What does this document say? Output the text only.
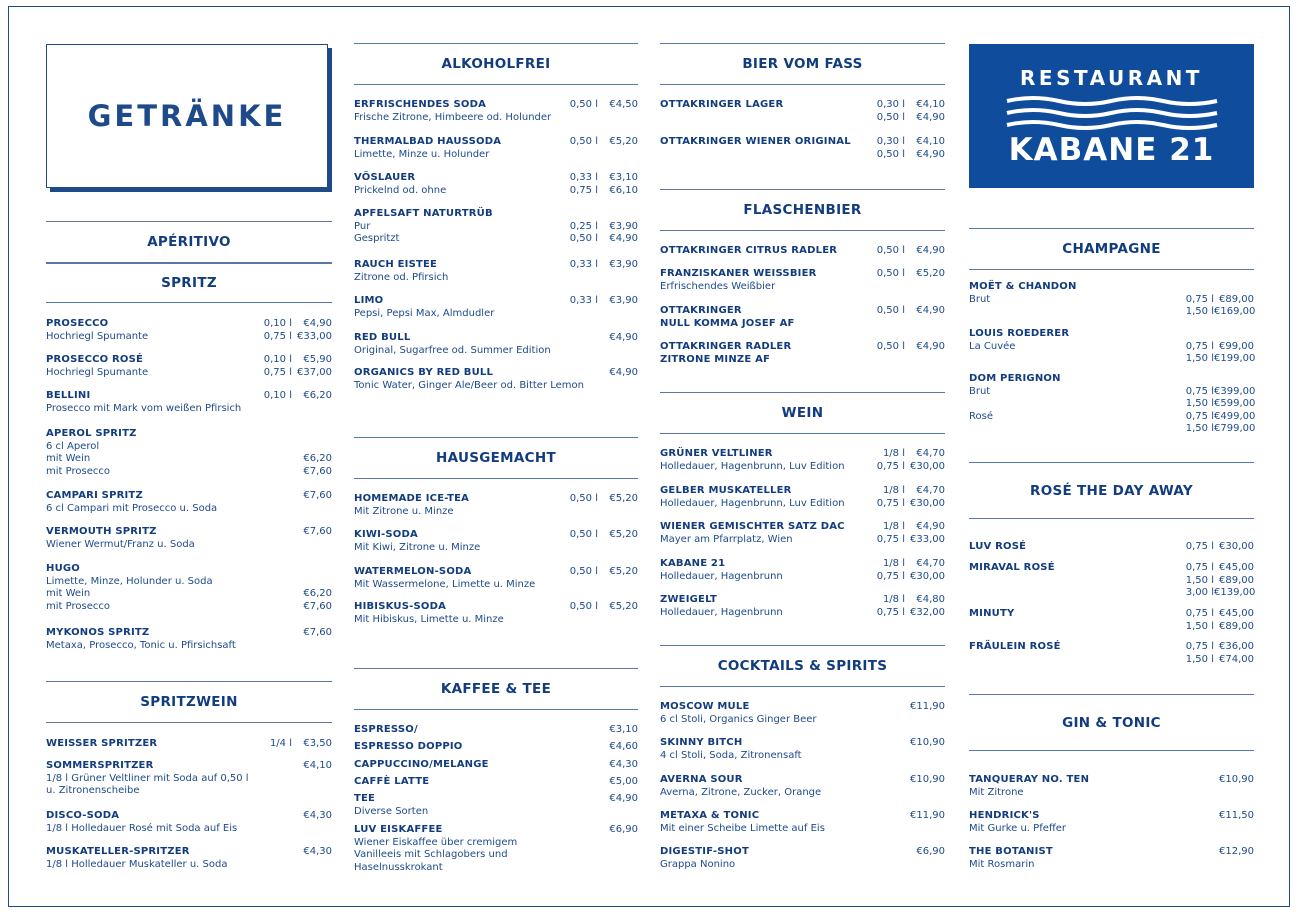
GETRÄNKE
RESTAURANT
KABANE 21
APÉRITIVO
SPRITZ
PROSECCO	0,10 l	€4,90
Hochriegl Spumante	0,75 l €33,00
PROSECCO ROSÉ	0,10 l	€5,90
Hochriegl Spumante	0,75 l €37,00
BELLINI	0,10 l	€6,20
Prosecco mit Mark vom weißen Pfirsich
APEROL SPRITZ
6 cl Aperol
mit Wein	€6,20
mit Prosecco	€7,60
CAMPARI SPRITZ	€7,60
6 cl Campari mit Prosecco u. Soda
VERMOUTH SPRITZ	€7,60
Wiener Wermut/Franz u. Soda
HUGO
Limette, Minze, Holunder u. Soda
mit Wein	€6,20
mit Prosecco	€7,60
MYKONOS SPRITZ	€7,60
Metaxa, Prosecco, Tonic u. Pfirsichsaft
SPRITZWEIN
WEISSER SPRITZER	1/4 l	€3,50
SOMMERSPRITZER	€4,10
1/8 l Grüner Veltliner mit Soda auf 0,50 l
u. Zitronenscheibe
DISCO-SODA	€4,30
1/8 l Holledauer Rosé mit Soda auf Eis
MUSKATELLER-SPRITZER	€4,30
1/8 l Holledauer Muskateller u. Soda
ALKOHOLFREI
ERFRISCHENDES SODA	0,50 l	€4,50
Frische Zitrone, Himbeere od. Holunder
THERMALBAD HAUSSODA	0,50 l	€5,20
Limette, Minze u. Holunder
VÖSLAUER	0,33 l	€3,10
Prickelnd od. ohne	0,75 l	€6,10
APFELSAFT NATURTRÜB
Pur	0,25 l	€3,90
Gespritzt	0,50 l	€4,90
RAUCH EISTEE	0,33 l	€3,90
Zitrone od. Pfirsich
LIMO	0,33 l	€3,90
Pepsi, Pepsi Max, Almdudler
RED BULL	€4,90
Original, Sugarfree od. Summer Edition
ORGANICS BY RED BULL	€4,90
Tonic Water, Ginger Ale/Beer od. Bitter Lemon
HAUSGEMACHT
HOMEMADE ICE-TEA	0,50 l	€5,20
Mit Zitrone u. Minze
KIWI-SODA	0,50 l	€5,20
Mit Kiwi, Zitrone u. Minze
WATERMELON-SODA	0,50 l	€5,20
Mit Wassermelone, Limette u. Minze
HIBISKUS-SODA	0,50 l	€5,20
Mit Hibiskus, Limette u. Minze
KAFFEE & TEE
ESPRESSO/	€3,10
ESPRESSO DOPPIO	€4,60
CAPPUCCINO/MELANGE	€4,30
CAFFÈ LATTE	€5,00
TEE	€4,90
Diverse Sorten
LUV EISKAFFEE	€6,90
Wiener Eiskaffee über cremigem
Vanilleeis mit Schlagobers und
Haselnusskrokant
BIER VOM FASS
OTTAKRINGER LAGER	0,30 l	€4,10
0,50 l	€4,90
OTTAKRINGER WIENER ORIGINAL	0,30 l	€4,10
0,50 l	€4,90
FLASCHENBIER
OTTAKRINGER CITRUS RADLER	0,50 l	€4,90
FRANZISKANER WEISSBIER	0,50 l	€5,20
Erfrischendes Weißbier
OTTAKRINGER	0,50 l	€4,90
NULL KOMMA JOSEF AF
OTTAKRINGER RADLER	0,50 l	€4,90
ZITRONE MINZE AF
WEIN
GRÜNER VELTLINER	1/8 l	€4,70
Holledauer, Hagenbrunn, Luv Edition	0,75 l €30,00
GELBER MUSKATELLER	1/8 l	€4,70
Holledauer, Hagenbrunn, Luv Edition	0,75 l €30,00
WIENER GEMISCHTER SATZ DAC	1/8 l	€4,90
Mayer am Pfarrplatz, Wien	0,75 l €33,00
KABANE 21	1/8 l	€4,70
Holledauer, Hagenbrunn	0,75 l €30,00
ZWEIGELT	1/8 l	€4,80
Holledauer, Hagenbrunn	0,75 l €32,00
COCKTAILS & SPIRITS
MOSCOW MULE	€11,90
6 cl Stoli, Organics Ginger Beer
SKINNY BITCH	€10,90
4 cl Stoli, Soda, Zitronensaft
AVERNA SOUR	€10,90
Averna, Zitrone, Zucker, Orange
METAXA & TONIC	€11,90
Mit einer Scheibe Limette auf Eis
DIGESTIF-SHOT	€6,90
Grappa Nonino
CHAMPAGNE
MOËT & CHANDON
Brut	0,75 l €89,00
1,50 l €169,00
LOUIS ROEDERER
La Cuvée	0,75 l €99,00
1,50 l €199,00
DOM PERIGNON
Brut	0,75 l €399,00
1,50 l €599,00
Rosé	0,75 l €499,00
1,50 l €799,00
ROSÉ THE DAY AWAY
LUV ROSÉ	0,75 l €30,00
MIRAVAL ROSÉ	0,75 l €45,00
1,50 l €89,00
3,00 l €139,00
MINUTY	0,75 l €45,00
1,50 l €89,00
FRÄULEIN ROSÉ	0,75 l €36,00
1,50 l €74,00
GIN & TONIC
TANQUERAY NO. TEN	€10,90
Mit Zitrone
HENDRICK'S	€11,50
Mit Gurke u. Pfeffer
THE BOTANIST	€12,90
Mit Rosmarin
